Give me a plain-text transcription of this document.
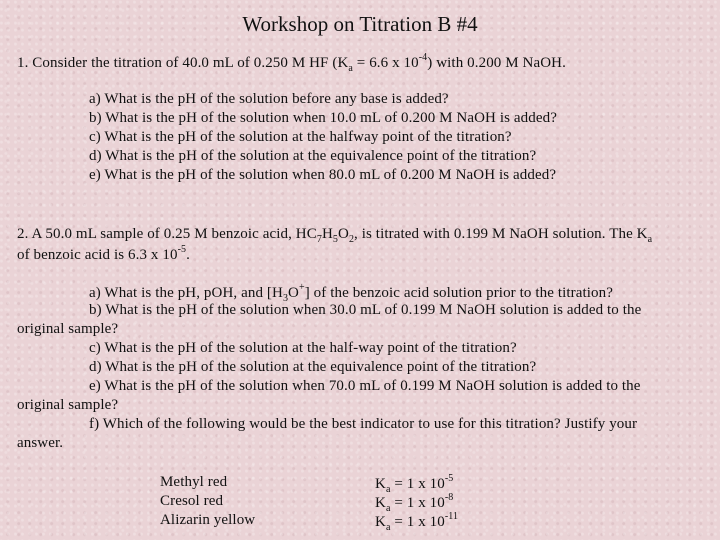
Workshop on Titration B #4
1. Consider the titration of 40.0 mL of 0.250 M HF ($K_a = 6.6$ x $10^{-4}$) with 0.200 M NaOH.
a) What is the pH of the solution before any base is added?
b) What is the pH of the solution when 10.0 mL of 0.200 M NaOH is added?
c) What is the pH of the solution at the halfway point of the titration?
d) What is the pH of the solution at the equivalence point of the titration?
e) What is the pH of the solution when 80.0 mL of 0.200 M NaOH is added?
2. A 50.0 mL sample of 0.25 M benzoic acid, $HC_7H_5O_2$, is titrated with 0.199 M NaOH solution. The $K_a$
of benzoic acid is 6.3 x $10^{-5}$.
a) What is the pH, pOH, and $[H_3O^+]$ of the benzoic acid solution prior to the titration?
b) What is the pH of the solution when 30.0 mL of 0.199 M NaOH solution is added to the
original sample?
c) What is the pH of the solution at the half-way point of the titration?
d) What is the pH of the solution at the equivalence point of the titration?
e) What is the pH of the solution when 70.0 mL of 0.199 M NaOH solution is added to the
original sample?
f) Which of the following would be the best indicator to use for this titration? Justify your
answer.
Methyl red
Cresol red
Alizarin yellow
$K_a = 1$ x $10^{-5}$
$K_a = 1$ x $10^{-8}$
$K_a = 1$ x $10^{-11}$
